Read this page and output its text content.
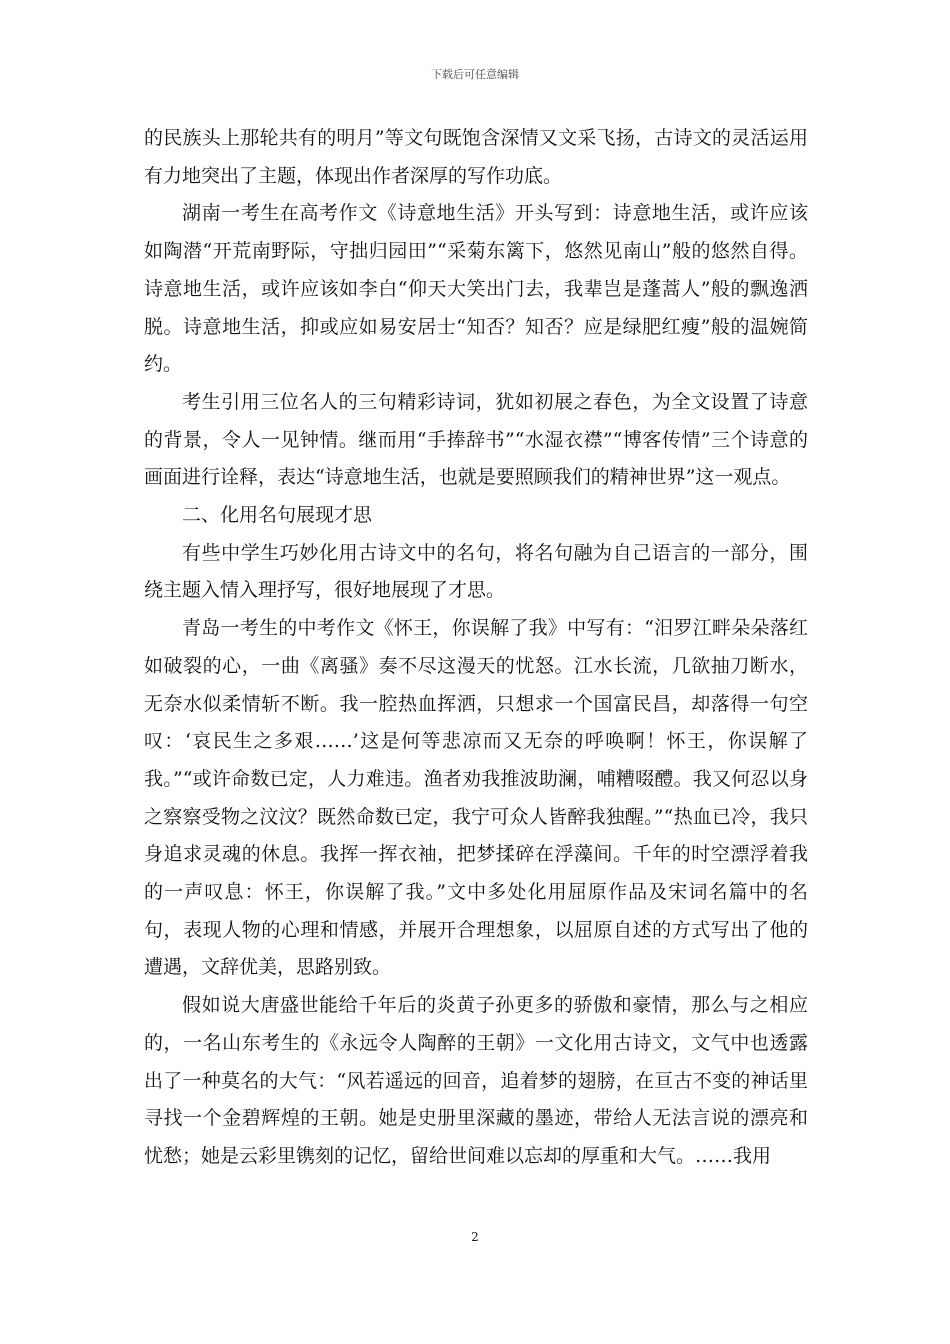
下载后可任意编辑

的民族头上那轮共有的明月”等文句既饱含深情又文采飞扬，古诗文的灵活运用有力地突出了主题，体现出作者深厚的写作功底。

湖南一考生在高考作文《诗意地生活》开头写到：诗意地生活，或许应该如陶潜“开荒南野际，守拙归园田”“采菊东篱下，悠然见南山”般的悠然自得。诗意地生活，或许应该如李白“仰天大笑出门去，我辈岂是蓬蒿人”般的飘逸洒脱。诗意地生活，抑或应如易安居士“知否？知否？应是绿肥红瘦”般的温婉简约。

考生引用三位名人的三句精彩诗词，犹如初展之春色，为全文设置了诗意的背景，令人一见钟情。继而用“手捧辞书”“水湿衣襟”“博客传情”三个诗意的画面进行诠释，表达“诗意地生活，也就是要照顾我们的精神世界”这一观点。

二、化用名句展现才思

有些中学生巧妙化用古诗文中的名句，将名句融为自己语言的一部分，围绕主题入情入理抒写，很好地展现了才思。

青岛一考生的中考作文《怀王，你误解了我》中写有：“汨罗江畔朵朵落红如破裂的心，一曲《离骚》奏不尽这漫天的忧怒。江水长流，几欲抽刀断水，无奈水似柔情斩不断。我一腔热血挥洒，只想求一个国富民昌，却落得一句空叹：‘哀民生之多艰……’这是何等悲凉而又无奈的呼唤啊！怀王，你误解了我。”“或许命数已定，人力难违。渔者劝我推波助澜，哺糟啜醴。我又何忍以身之察察受物之汶汶？既然命数已定，我宁可众人皆醉我独醒。”“热血已冷，我只身追求灵魂的休息。我挥一挥衣袖，把梦揉碎在浮藻间。千年的时空漂浮着我的一声叹息：怀王，你误解了我。”文中多处化用屈原作品及宋词名篇中的名句，表现人物的心理和情感，并展开合理想象，以屈原自述的方式写出了他的遭遇，文辞优美，思路别致。

假如说大唐盛世能给千年后的炎黄子孙更多的骄傲和豪情，那么与之相应的，一名山东考生的《永远令人陶醉的王朝》一文化用古诗文，文气中也透露出了一种莫名的大气：“风若遥远的回音，追着梦的翅膀，在亘古不变的神话里寻找一个金碧辉煌的王朝。她是史册里深藏的墨迹，带给人无法言说的漂亮和忧愁；她是云彩里镌刻的记忆，留给世间难以忘却的厚重和大气。……我用

2
